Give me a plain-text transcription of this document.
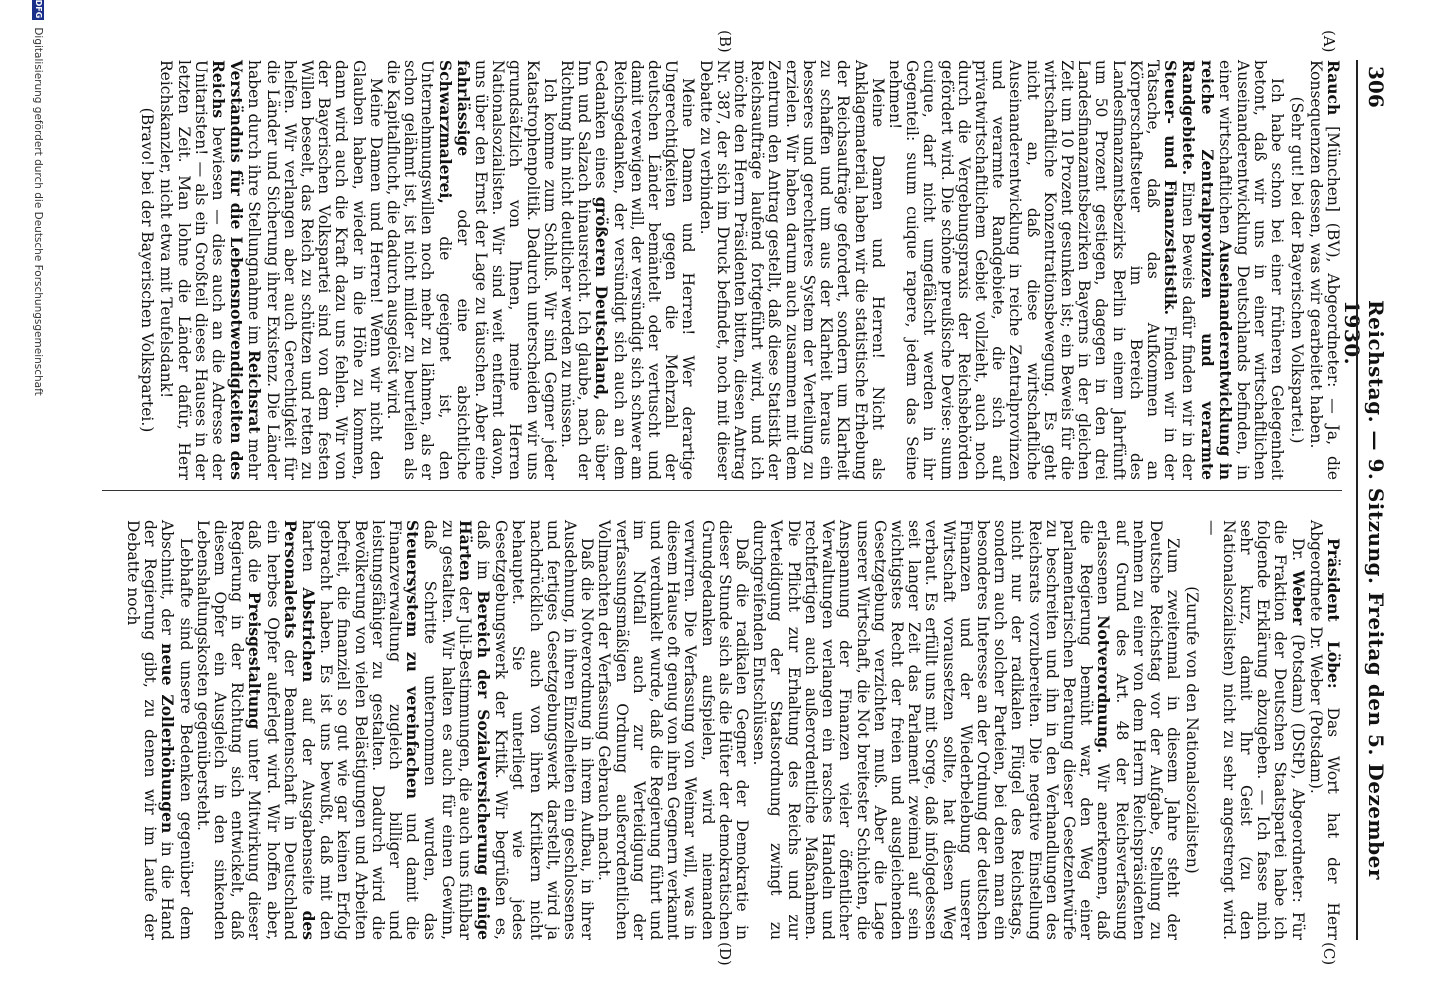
306
Reichstag. — 9. Sitzung. Freitag den 5. Dezember 1930.
(A)
(B)
(C)
(D)

Rauch [München] (BV), Abgeordneter: — Ja, die Konsequenzen dessen, was wir gearbeitet haben.

(Sehr gut! bei der Bayerischen Volkspartei.)

Ich habe schon bei einer früheren Gelegenheit betont, daß wir uns in einer wirtschaftlichen Auseinanderentwicklung Deutschlands befinden, in einer wirtschaftlichen Auseinanderentwicklung in reiche Zentralprovinzen und verarmte Randgebiete. Einen Beweis dafür finden wir in der Steuer- und Finanzstatistik. Finden wir in der Tatsache, daß das Aufkommen an Körperschaftsteuer im Bereich des Landesfinanzamtsbezirks Berlin in einem Jahrfünft um 50 Prozent gestiegen, dagegen in den drei Landesfinanzamtsbezirken Bayerns in der gleichen Zeit um 10 Prozent gesunken ist; ein Beweis für die wirtschaftliche Konzentrationsbewegung. Es geht nicht an, daß diese wirtschaftliche Auseinanderentwicklung in reiche Zentralprovinzen und verarmte Randgebiete, die sich auf privatwirtschaftlichem Gebiet vollzieht, auch noch durch die Vergebungspraxis der Reichsbehörden gefördert wird. Die schöne preußische Devise: suum cuique, darf nicht umgefälscht werden in ihr Gegenteil: suum cuique rapere, jedem das Seine nehmen!

Meine Damen und Herren! Nicht als Anklagematerial haben wir die statistische Erhebung der Reichsaufträge gefordert, sondern um Klarheit zu schaffen und um aus der Klarheit heraus ein besseres und gerechteres System der Verteilung zu erzielen. Wir haben darum auch zusammen mit dem Zentrum den Antrag gestellt, daß diese Statistik der Reichsaufträge laufend fortgeführt wird, und ich möchte den Herrn Präsidenten bitten, diesen Antrag Nr. 387, der sich im Druck befindet, noch mit dieser Debatte zu verbinden.

Meine Damen und Herren! Wer derartige Ungerechtigkeiten gegen die Mehrzahl der deutschen Länder bemäntelt oder vertuscht und damit verewigen will, der versündigt sich schwer am Reichsgedanken, der versündigt sich auch an dem Gedanken eines größeren Deutschland, das über Inn und Salzach hinausreicht. Ich glaube, nach der Richtung hin nicht deutlicher werden zu müssen.

Ich komme zum Schluß. Wir sind Gegner jeder Katastrophenpolitik. Dadurch unterscheiden wir uns grundsätzlich von Ihnen, meine Herren Nationalsozialisten. Wir sind weit entfernt davon, uns über den Ernst der Lage zu täuschen. Aber eine fahrlässige oder eine absichtliche Schwarzmalerei, die geeignet ist, den Unternehmungswillen noch mehr zu lähmen, als er schon gelähmt ist, ist nicht milder zu beurteilen als die Kapitalflucht, die dadurch ausgelöst wird.

Meine Damen und Herren! Wenn wir nicht den Glauben haben, wieder in die Höhe zu kommen, dann wird auch die Kraft dazu uns fehlen. Wir von der Bayerischen Volkspartei sind von dem festen Willen beseelt, das Reich zu schützen und retten zu helfen. Wir verlangen aber auch Gerechtigkeit für die Länder und Sicherung ihrer Existenz. Die Länder haben durch ihre Stellungnahme im Reichsrat mehr Verständnis für die Lebensnotwendigkeiten des Reichs bewiesen — dies auch an die Adresse der Unitaristen! — als ein Großteil dieses Hauses in der letzten Zeit. Man lohne die Länder dafür, Herr Reichskanzler, nicht etwa mit Teufelsdank!

(Bravo! bei der Bayerischen Volkspartei.)

Präsident Löbe: Das Wort hat der Herr Abgeordnete Dr. Weber (Potsdam).

Dr. Weber (Potsdam) (DStP), Abgeordneter: Für die Fraktion der Deutschen Staatspartei habe ich folgende Erklärung abzugeben. — Ich fasse mich sehr kurz, damit Ihr Geist (zu den Nationalsozialisten) nicht zu sehr angestrengt wird. —

(Zurufe von den Nationalsozialisten)

Zum zweitenmal in diesem Jahre steht der Deutsche Reichstag vor der Aufgabe, Stellung zu nehmen zu einer von dem Herrn Reichspräsidenten auf Grund des Art. 48 der Reichsverfassung erlassenen Notverordnung. Wir anerkennen, daß die Regierung bemüht war, den Weg einer parlamentarischen Beratung dieser Gesetzentwürfe zu beschreiten und ihn in den Verhandlungen des Reichsrats vorzubereiten. Die negative Einstellung nicht nur der radikalen Flügel des Reichstags, sondern auch solcher Parteien, bei denen man ein besonderes Interesse an der Ordnung der deutschen Finanzen und der Wiederbelebung unserer Wirtschaft voraussetzen sollte, hat diesen Weg verbaut. Es erfüllt uns mit Sorge, daß infolgedessen seit langer Zeit das Parlament zweimal auf sein wichtigstes Recht der freien und ausgleichenden Gesetzgebung verzichten muß. Aber die Lage unserer Wirtschaft, die Not breitester Schichten, die Anspannung der Finanzen vieler öffentlicher Verwaltungen verlangen ein rasches Handeln und rechtfertigen auch außerordentliche Maßnahmen. Die Pflicht zur Erhaltung des Reichs und zur Verteidigung der Staatsordnung zwingt zu durchgreifenden Entschlüssen.

Daß die radikalen Gegner der Demokratie in dieser Stunde sich als die Hüter der demokratischen Grundgedanken aufspielen, wird niemanden verwirren. Die Verfassung von Weimar will, was in diesem Hause oft genug von ihren Gegnern verkannt und verdunkelt wurde, daß die Regierung führt und im Notfall auch zur Verteidigung der verfassungsmäßigen Ordnung außerordentlichen Vollmachten der Verfassung Gebrauch macht.

Daß die Notverordnung in ihrem Aufbau, in ihrer Ausdehnung, in ihren Einzelheiten ein geschlossenes und fertiges Gesetzgebungswerk darstellt, wird ja nachdrücklich auch von ihren Kritikern nicht behauptet. Sie unterliegt wie jedes Gesetzgebungswerk der Kritik. Wir begrüßen es, daß im Bereich der Sozialversicherung einige Härten der Juli-Bestimmungen, die auch uns fühlbar zu gestalten. Wir halten es auch für einen Gewinn, daß Schritte unternommen wurden, das Steuersystem zu vereinfachen und damit die Finanzverwaltung zugleich billiger und leistungsfähiger zu gestalten. Dadurch wird die Bevölkerung von vielen Belästigungen und Arbeiten befreit, die finanziell so gut wie gar keinen Erfolg gebracht haben. Es ist uns bewußt, daß mit den harten Abstrichen auf der Ausgabenseite des Personaletats der Beamtenschaft in Deutschland ein herbes Opfer auferlegt wird. Wir hoffen aber, daß die Preisgestaltung unter Mitwirkung dieser Regierung in der Richtung sich entwickelt, daß diesem Opfer ein Ausgleich in den sinkenden Lebenshaltungskosten gegenübersteht.

Lebhafte sind unsere Bedenken gegenüber dem Abschnitt, der neue Zollerhöhungen in die Hand der Regierung gibt, zu denen wir im Laufe der Debatte noch

DFG Digitalisierung gefördert durch die Deutsche Forschungsgemeinschaft
